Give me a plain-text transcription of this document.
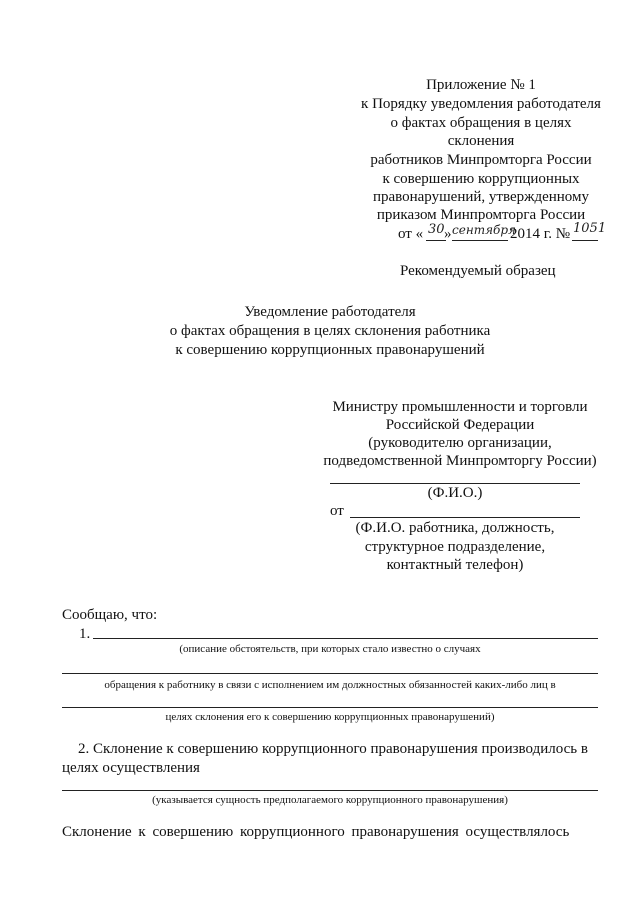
Приложение № 1
к Порядку уведомления работодателя
о фактах обращения в целях
склонения
работников Минпромторга России
к совершению коррупционных
правонарушений, утвержденному
приказом Минпромторга России
от « 30 » сентября
2014 г. № 1051
Рекомендуемый образец
Уведомление работодателя
о фактах обращения в целях склонения работника
к совершению коррупционных правонарушений
Министру промышленности и торговли
Российской Федерации
(руководителю организации,
подведомственной Минпромторгу России)
(Ф.И.О.)
от
(Ф.И.О. работника, должность,
структурное подразделение,
контактный телефон)
Сообщаю, что:
1.
(описание обстоятельств, при которых стало известно о случаях
обращения к работнику в связи с исполнением им должностных обязанностей каких-либо лиц в
целях склонения его к совершению коррупционных правонарушений)
2. Склонение к совершению коррупционного правонарушения производилось в
целях осуществления
(указывается сущность предполагаемого коррупционного правонарушения)
Склонение к совершению коррупционного правонарушения осуществлялось
